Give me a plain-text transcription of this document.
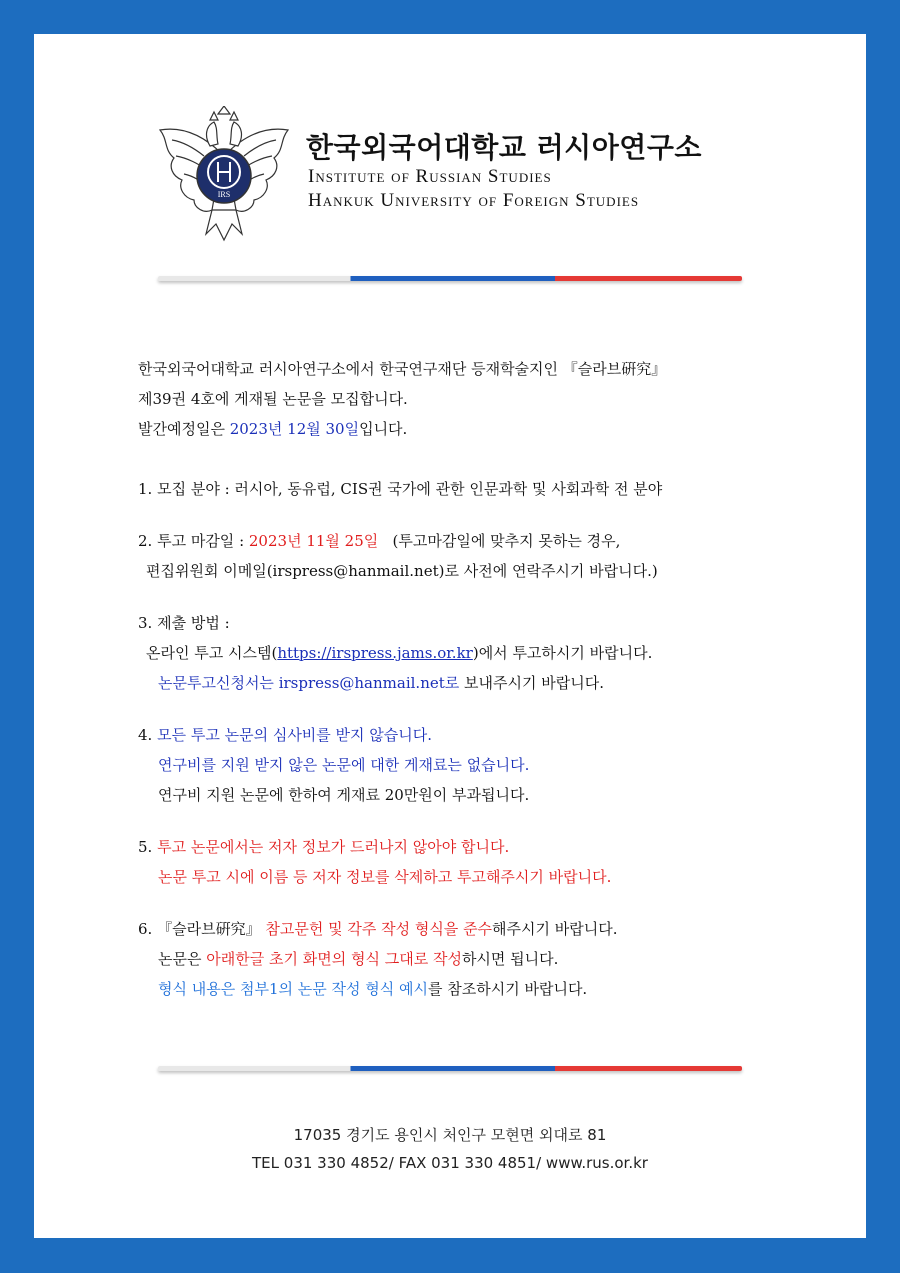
IRS
한국외국어대학교 러시아연구소
Institute of Russian Studies
Hankuk University of Foreign Studies
한국외국어대학교 러시아연구소에서 한국연구재단 등재학술지인 『슬라브硏究』
제39권 4호에 게재될 논문을 모집합니다.
발간예정일은 2023년 12월 30일입니다.
1. 모집 분야 : 러시아, 동유럽, CIS권 국가에 관한 인문과학 및 사회과학 전 분야
2. 투고 마감일 : 2023년 11월 25일   (투고마감일에 맞추지 못하는 경우,
편집위원회 이메일(irspress@hanmail.net)로 사전에 연락주시기 바랍니다.)
3. 제출 방법 :
온라인 투고 시스템(https://irspress.jams.or.kr)에서 투고하시기 바랍니다.
논문투고신청서는 irspress@hanmail.net로 보내주시기 바랍니다.
4. 모든 투고 논문의 심사비를 받지 않습니다.
연구비를 지원 받지 않은 논문에 대한 게재료는 없습니다.
연구비 지원 논문에 한하여 게재료 20만원이 부과됩니다.
5. 투고 논문에서는 저자 정보가 드러나지 않아야 합니다.
논문 투고 시에 이름 등 저자 정보를 삭제하고 투고해주시기 바랍니다.
6. 『슬라브硏究』 참고문헌 및 각주 작성 형식을 준수해주시기 바랍니다.
논문은 아래한글 초기 화면의 형식 그대로 작성하시면 됩니다.
형식 내용은 첨부1의 논문 작성 형식 예시를 참조하시기 바랍니다.
17035 경기도 용인시 처인구 모현면 외대로 81
TEL 031 330 4852/ FAX 031 330 4851/ www.rus.or.kr
